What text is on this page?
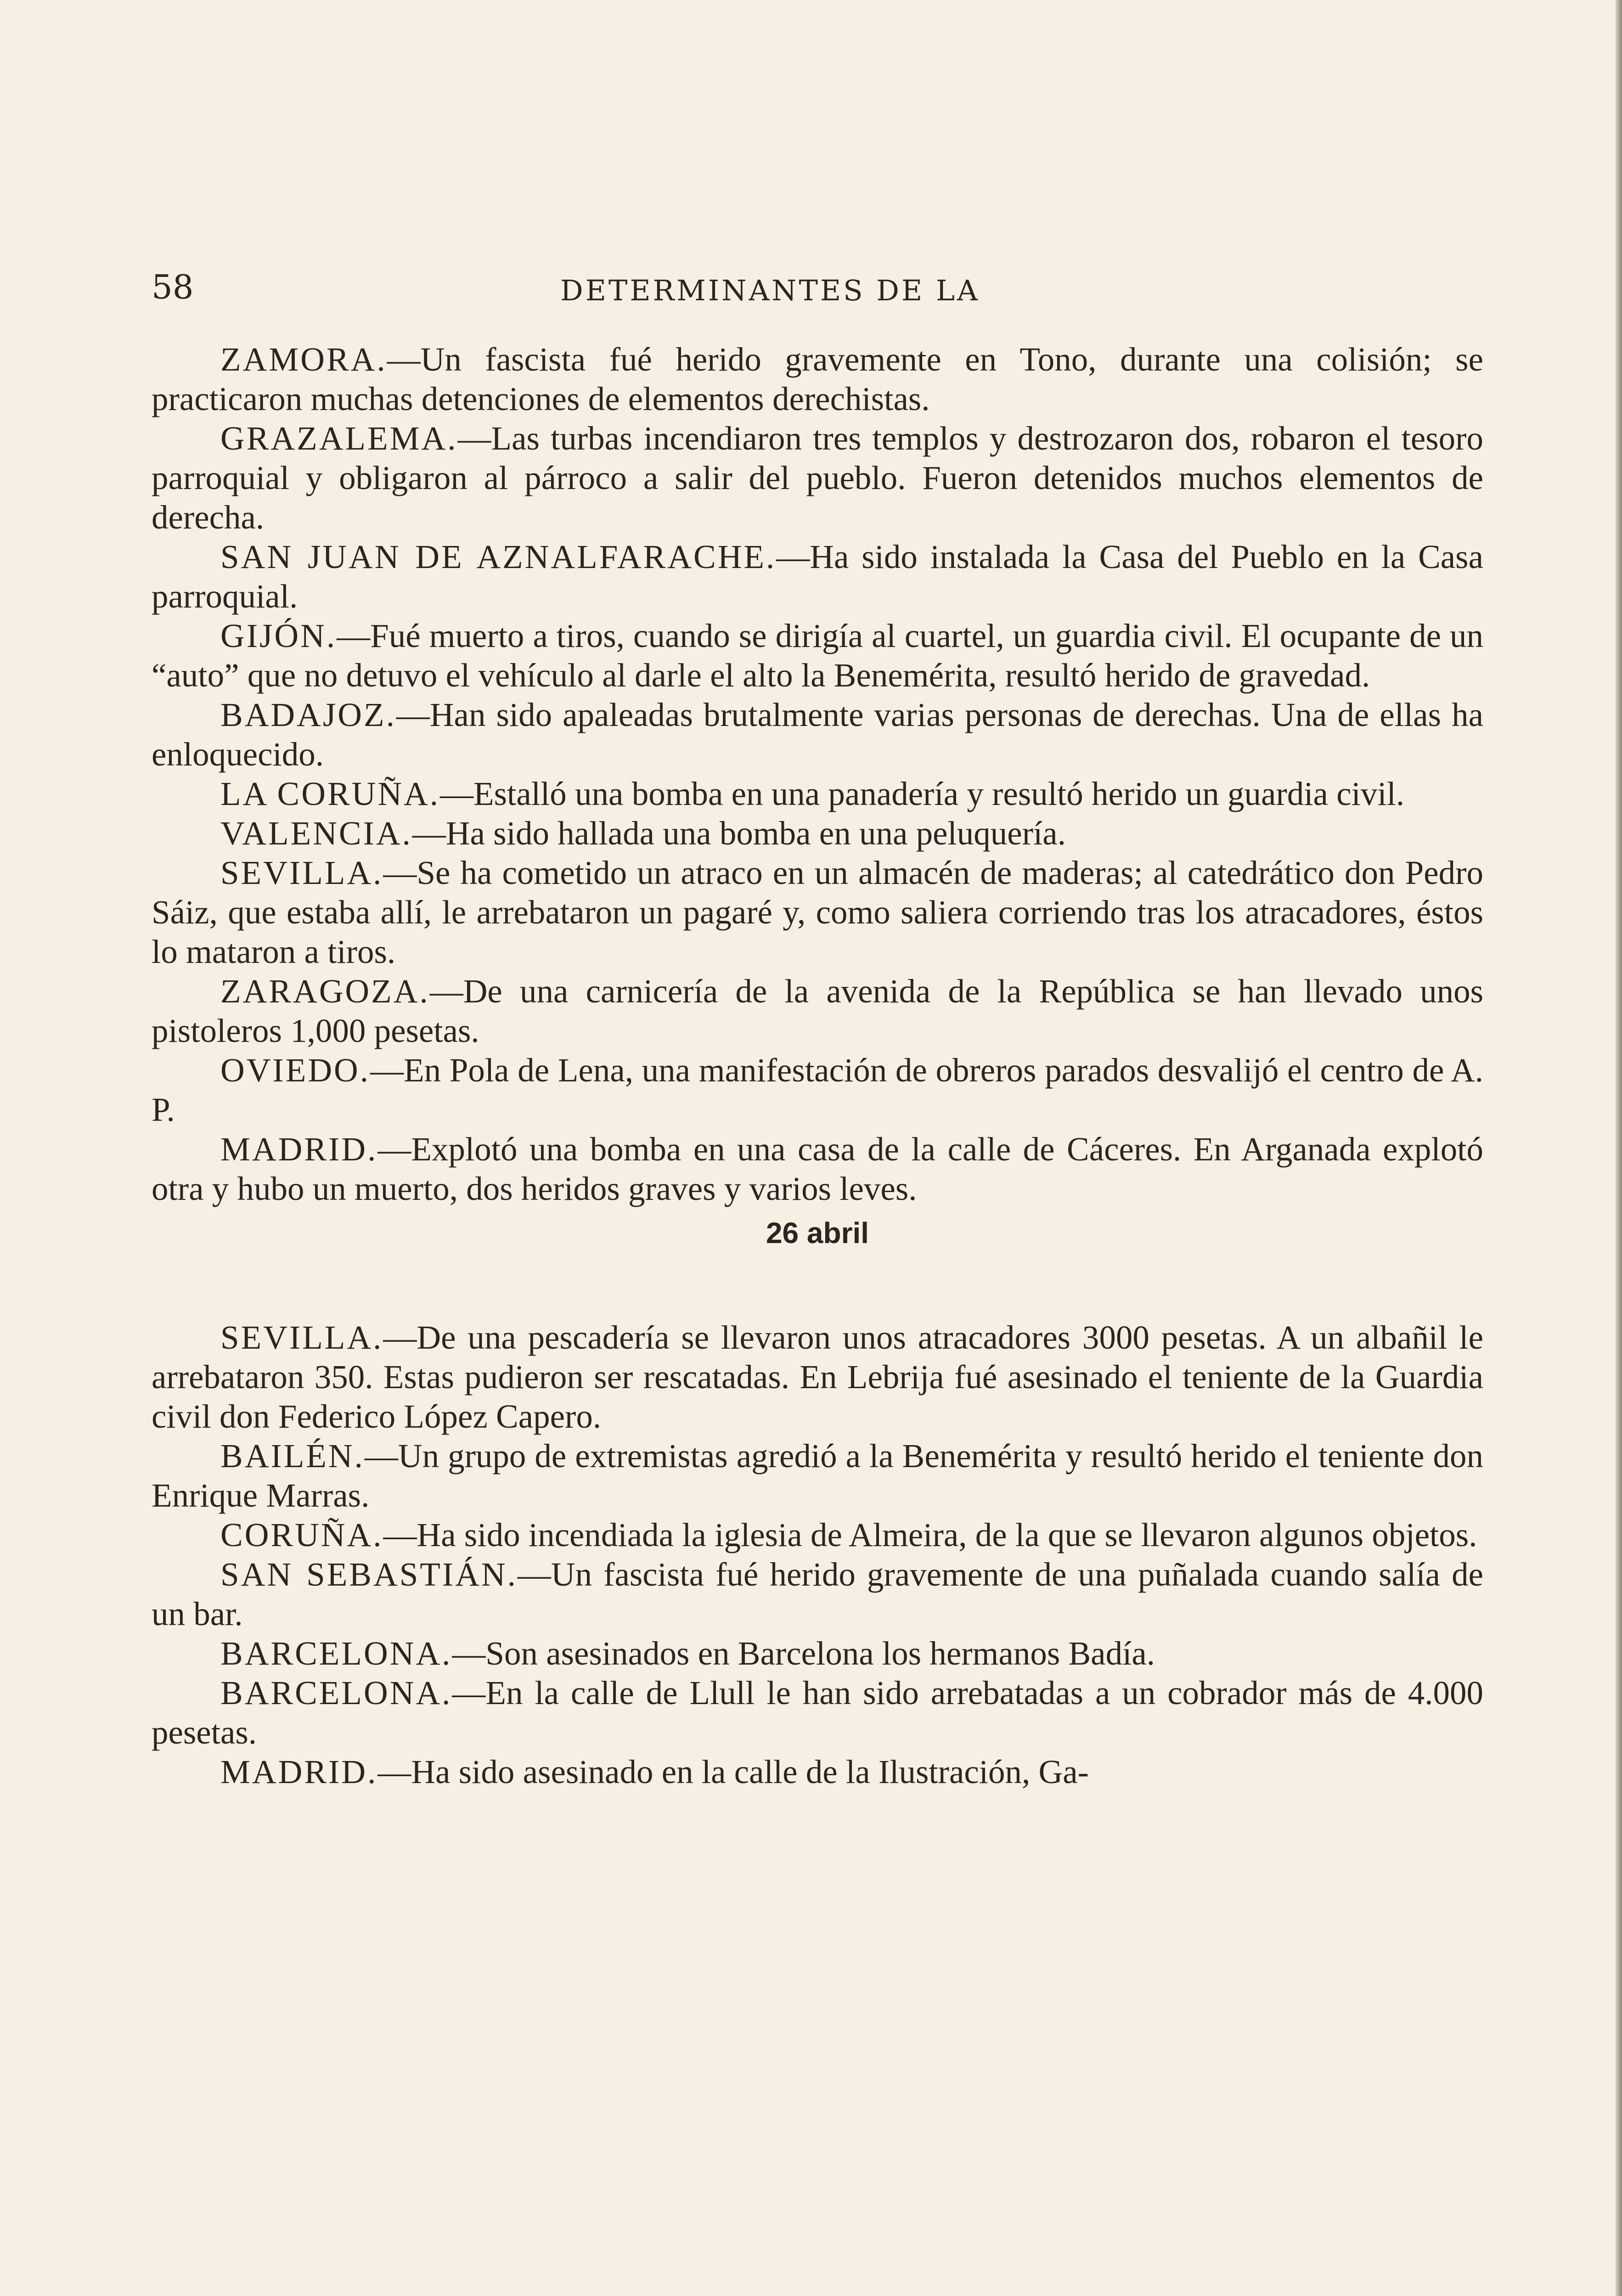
58	DETERMINANTES DE LA

ZAMORA.—Un fascista fué herido gravemente en Tono, durante una colisión; se practicaron muchas detenciones de elementos derechistas.

GRAZALEMA.—Las turbas incendiaron tres templos y destrozaron dos, robaron el tesoro parroquial y obligaron al párroco a salir del pueblo. Fueron detenidos muchos elementos de derecha.

SAN JUAN DE AZNALFARACHE.—Ha sido instalada la Casa del Pueblo en la Casa parroquial.

GIJÓN.—Fué muerto a tiros, cuando se dirigía al cuartel, un guardia civil. El ocupante de un “auto” que no detuvo el vehículo al darle el alto la Benemérita, resultó herido de gravedad.

BADAJOZ.—Han sido apaleadas brutalmente varias personas de derechas. Una de ellas ha enloquecido.

LA CORUÑA.—Estalló una bomba en una panadería y resultó herido un guardia civil.

VALENCIA.—Ha sido hallada una bomba en una peluquería.

SEVILLA.—Se ha cometido un atraco en un almacén de maderas; al catedrático don Pedro Sáiz, que estaba allí, le arrebataron un pagaré y, como saliera corriendo tras los atracadores, éstos lo mataron a tiros.

ZARAGOZA.—De una carnicería de la avenida de la República se han llevado unos pistoleros 1,000 pesetas.

OVIEDO.—En Pola de Lena, una manifestación de obreros parados desvalijó el centro de A. P.

MADRID.—Explotó una bomba en una casa de la calle de Cáceres. En Arganada explotó otra y hubo un muerto, dos heridos graves y varios leves.

26 abril

SEVILLA.—De una pescadería se llevaron unos atracadores 3000 pesetas. A un albañil le arrebataron 350. Estas pudieron ser rescatadas. En Lebrija fué asesinado el teniente de la Guardia civil don Federico López Capero.

BAILÉN.—Un grupo de extremistas agredió a la Benemérita y resultó herido el teniente don Enrique Marras.

CORUÑA.—Ha sido incendiada la iglesia de Almeira, de la que se llevaron algunos objetos.

SAN SEBASTIÁN.—Un fascista fué herido gravemente de una puñalada cuando salía de un bar.

BARCELONA.—Son asesinados en Barcelona los hermanos Badía.

BARCELONA.—En la calle de Llull le han sido arrebatadas a un cobrador más de 4.000 pesetas.

MADRID.—Ha sido asesinado en la calle de la Ilustración, Ga-
